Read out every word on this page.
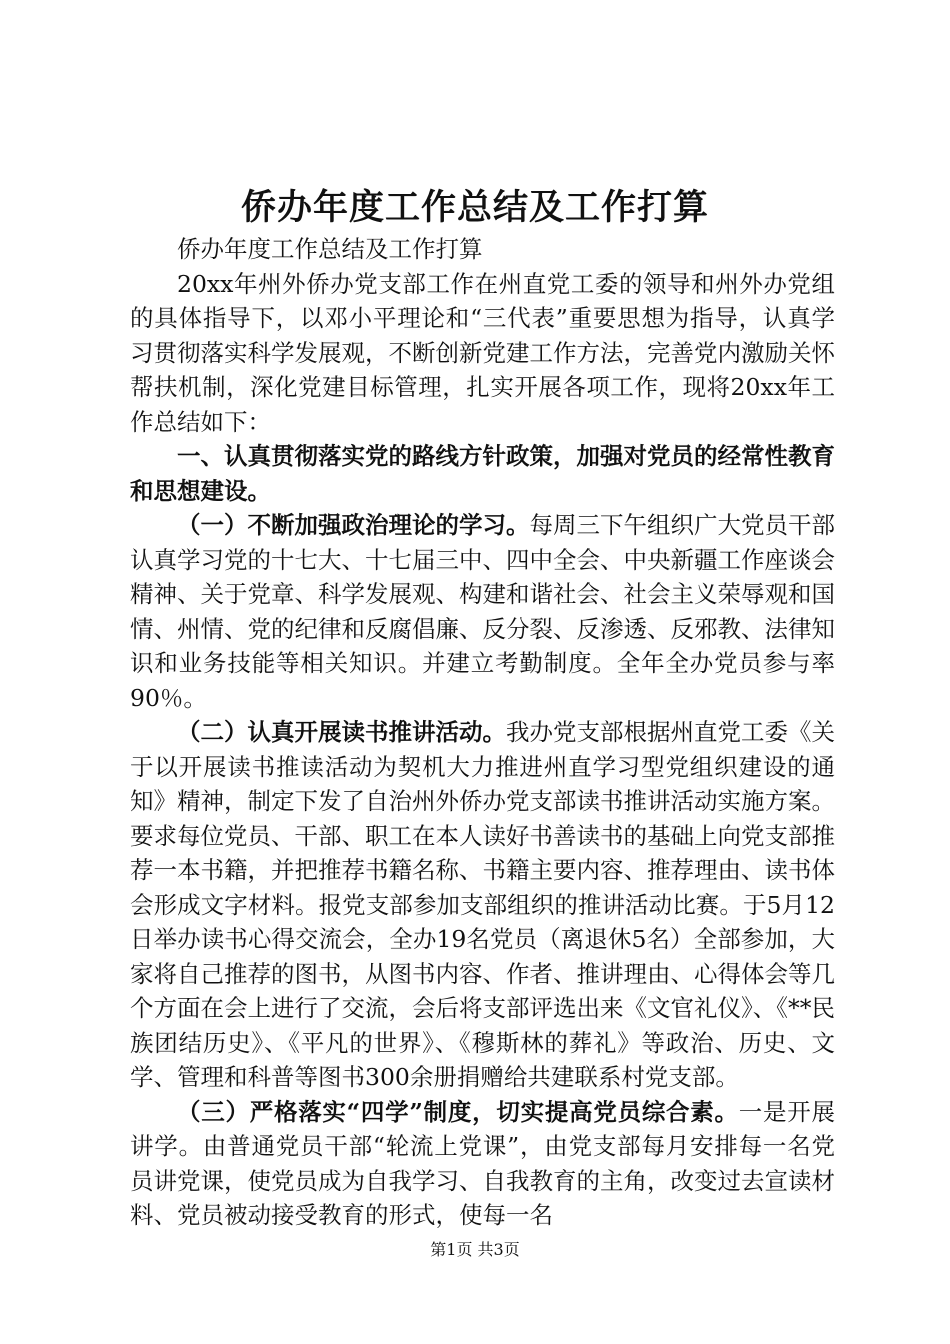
侨办年度工作总结及工作打算

侨办年度工作总结及工作打算

20xx年州外侨办党支部工作在州直党工委的领导和州外办党组的具体指导下，以邓小平理论和“三代表”重要思想为指导，认真学习贯彻落实科学发展观，不断创新党建工作方法，完善党内激励关怀帮扶机制，深化党建目标管理，扎实开展各项工作，现将20xx年工作总结如下：

一、认真贯彻落实党的路线方针政策，加强对党员的经常性教育和思想建设。

（一）不断加强政治理论的学习。每周三下午组织广大党员干部认真学习党的十七大、十七届三中、四中全会、中央新疆工作座谈会精神、关于党章、科学发展观、构建和谐社会、社会主义荣辱观和国情、州情、党的纪律和反腐倡廉、反分裂、反渗透、反邪教、法律知识和业务技能等相关知识。并建立考勤制度。全年全办党员参与率90％。

（二）认真开展读书推讲活动。我办党支部根据州直党工委《关于以开展读书推读活动为契机大力推进州直学习型党组织建设的通知》精神，制定下发了自治州外侨办党支部读书推讲活动实施方案。要求每位党员、干部、职工在本人读好书善读书的基础上向党支部推荐一本书籍，并把推荐书籍名称、书籍主要内容、推荐理由、读书体会形成文字材料。报党支部参加支部组织的推讲活动比赛。于5月12日举办读书心得交流会，全办19名党员（离退休5名）全部参加，大家将自己推荐的图书，从图书内容、作者、推讲理由、心得体会等几个方面在会上进行了交流，会后将支部评选出来《文官礼仪》、《**民族团结历史》、《平凡的世界》、《穆斯林的葬礼》等政治、历史、文学、管理和科普等图书300余册捐赠给共建联系村党支部。

（三）严格落实“四学”制度，切实提高党员综合素。一是开展讲学。由普通党员干部“轮流上党课”，由党支部每月安排每一名党员讲党课，使党员成为自我学习、自我教育的主角，改变过去宣读材料、党员被动接受教育的形式，使每一名

第1页 共3页
